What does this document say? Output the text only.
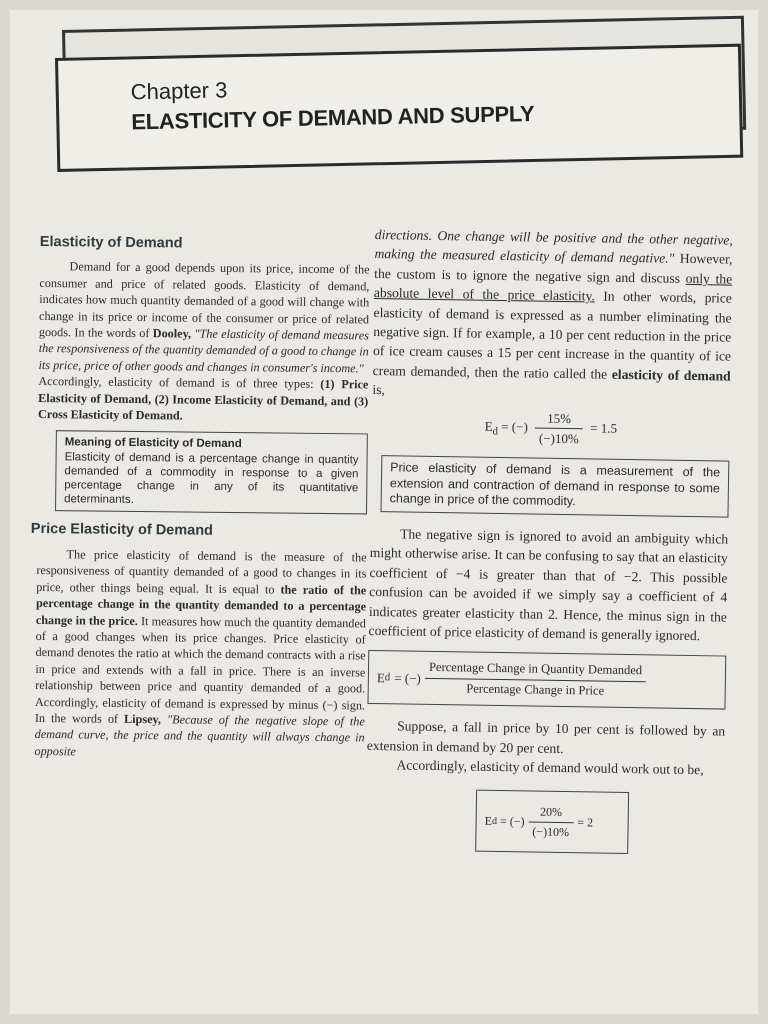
Chapter 3
ELASTICITY OF DEMAND AND SUPPLY
Elasticity of Demand

Demand for a good depends upon its price, income of the consumer and price of related goods. Elasticity of demand, indicates how much quantity demanded of a good will change with change in its price or income of the consumer or price of related goods. In the words of Dooley, "The elasticity of demand measures the responsiveness of the quantity demanded of a good to change in its price, price of other goods and changes in consumer's income."

Accordingly, elasticity of demand is of three types: (1) Price Elasticity of Demand, (2) Income Elasticity of Demand, and (3) Cross Elasticity of Demand.

Meaning of Elasticity of Demand
Elasticity of demand is a percentage change in quantity demanded of a commodity in response to a given percentage change in any of its quantitative determinants.
Price Elasticity of Demand

The price elasticity of demand is the measure of the responsiveness of quantity demanded of a good to changes in its price, other things being equal. It is equal to the ratio of the percentage change in the quantity demanded to a percentage change in the price. It measures how much the quantity demanded of a good changes when its price changes. Price elasticity of demand denotes the ratio at which the demand contracts with a rise in price and extends with a fall in price. There is an inverse relationship between price and quantity demanded of a good. Accordingly, elasticity of demand is expressed by minus (−) sign. In the words of Lipsey, "Because of the negative slope of the demand curve, the price and the quantity will always change in opposite

directions. One change will be positive and the other negative, making the measured elasticity of demand negative." However, the custom is to ignore the negative sign and discuss only the absolute level of the price elasticity. In other words, price elasticity of demand is expressed as a number eliminating the negative sign. If for example, a 10 per cent reduction in the price of ice cream causes a 15 per cent increase in the quantity of ice cream demanded, then the ratio called the elasticity of demand is,

$E_d$ = (−) $\frac{15\%}{(-)10\%} = 1.5$
Price elasticity of demand is a measurement of the extension and contraction of demand in response to some change in price of the commodity.

The negative sign is ignored to avoid an ambiguity which might otherwise arise. It can be confusing to say that an elasticity coefficient of −4 is greater than that of −2. This possible confusion can be avoided if we simply say a coefficient of 4 indicates greater elasticity than 2. Hence, the minus sign in the coefficient of price elasticity of demand is generally ignored.

E d = (−) $\frac{\text{Percentage Change in Quantity Demanded}}{\text{Percentage Change in Price}}$

Suppose, a fall in price by 10 per cent is followed by an extension in demand by 20 per cent.

Accordingly, elasticity of demand would work out to be,

E d = (−) $\frac{20\%}{(-)10\%} = 2$
